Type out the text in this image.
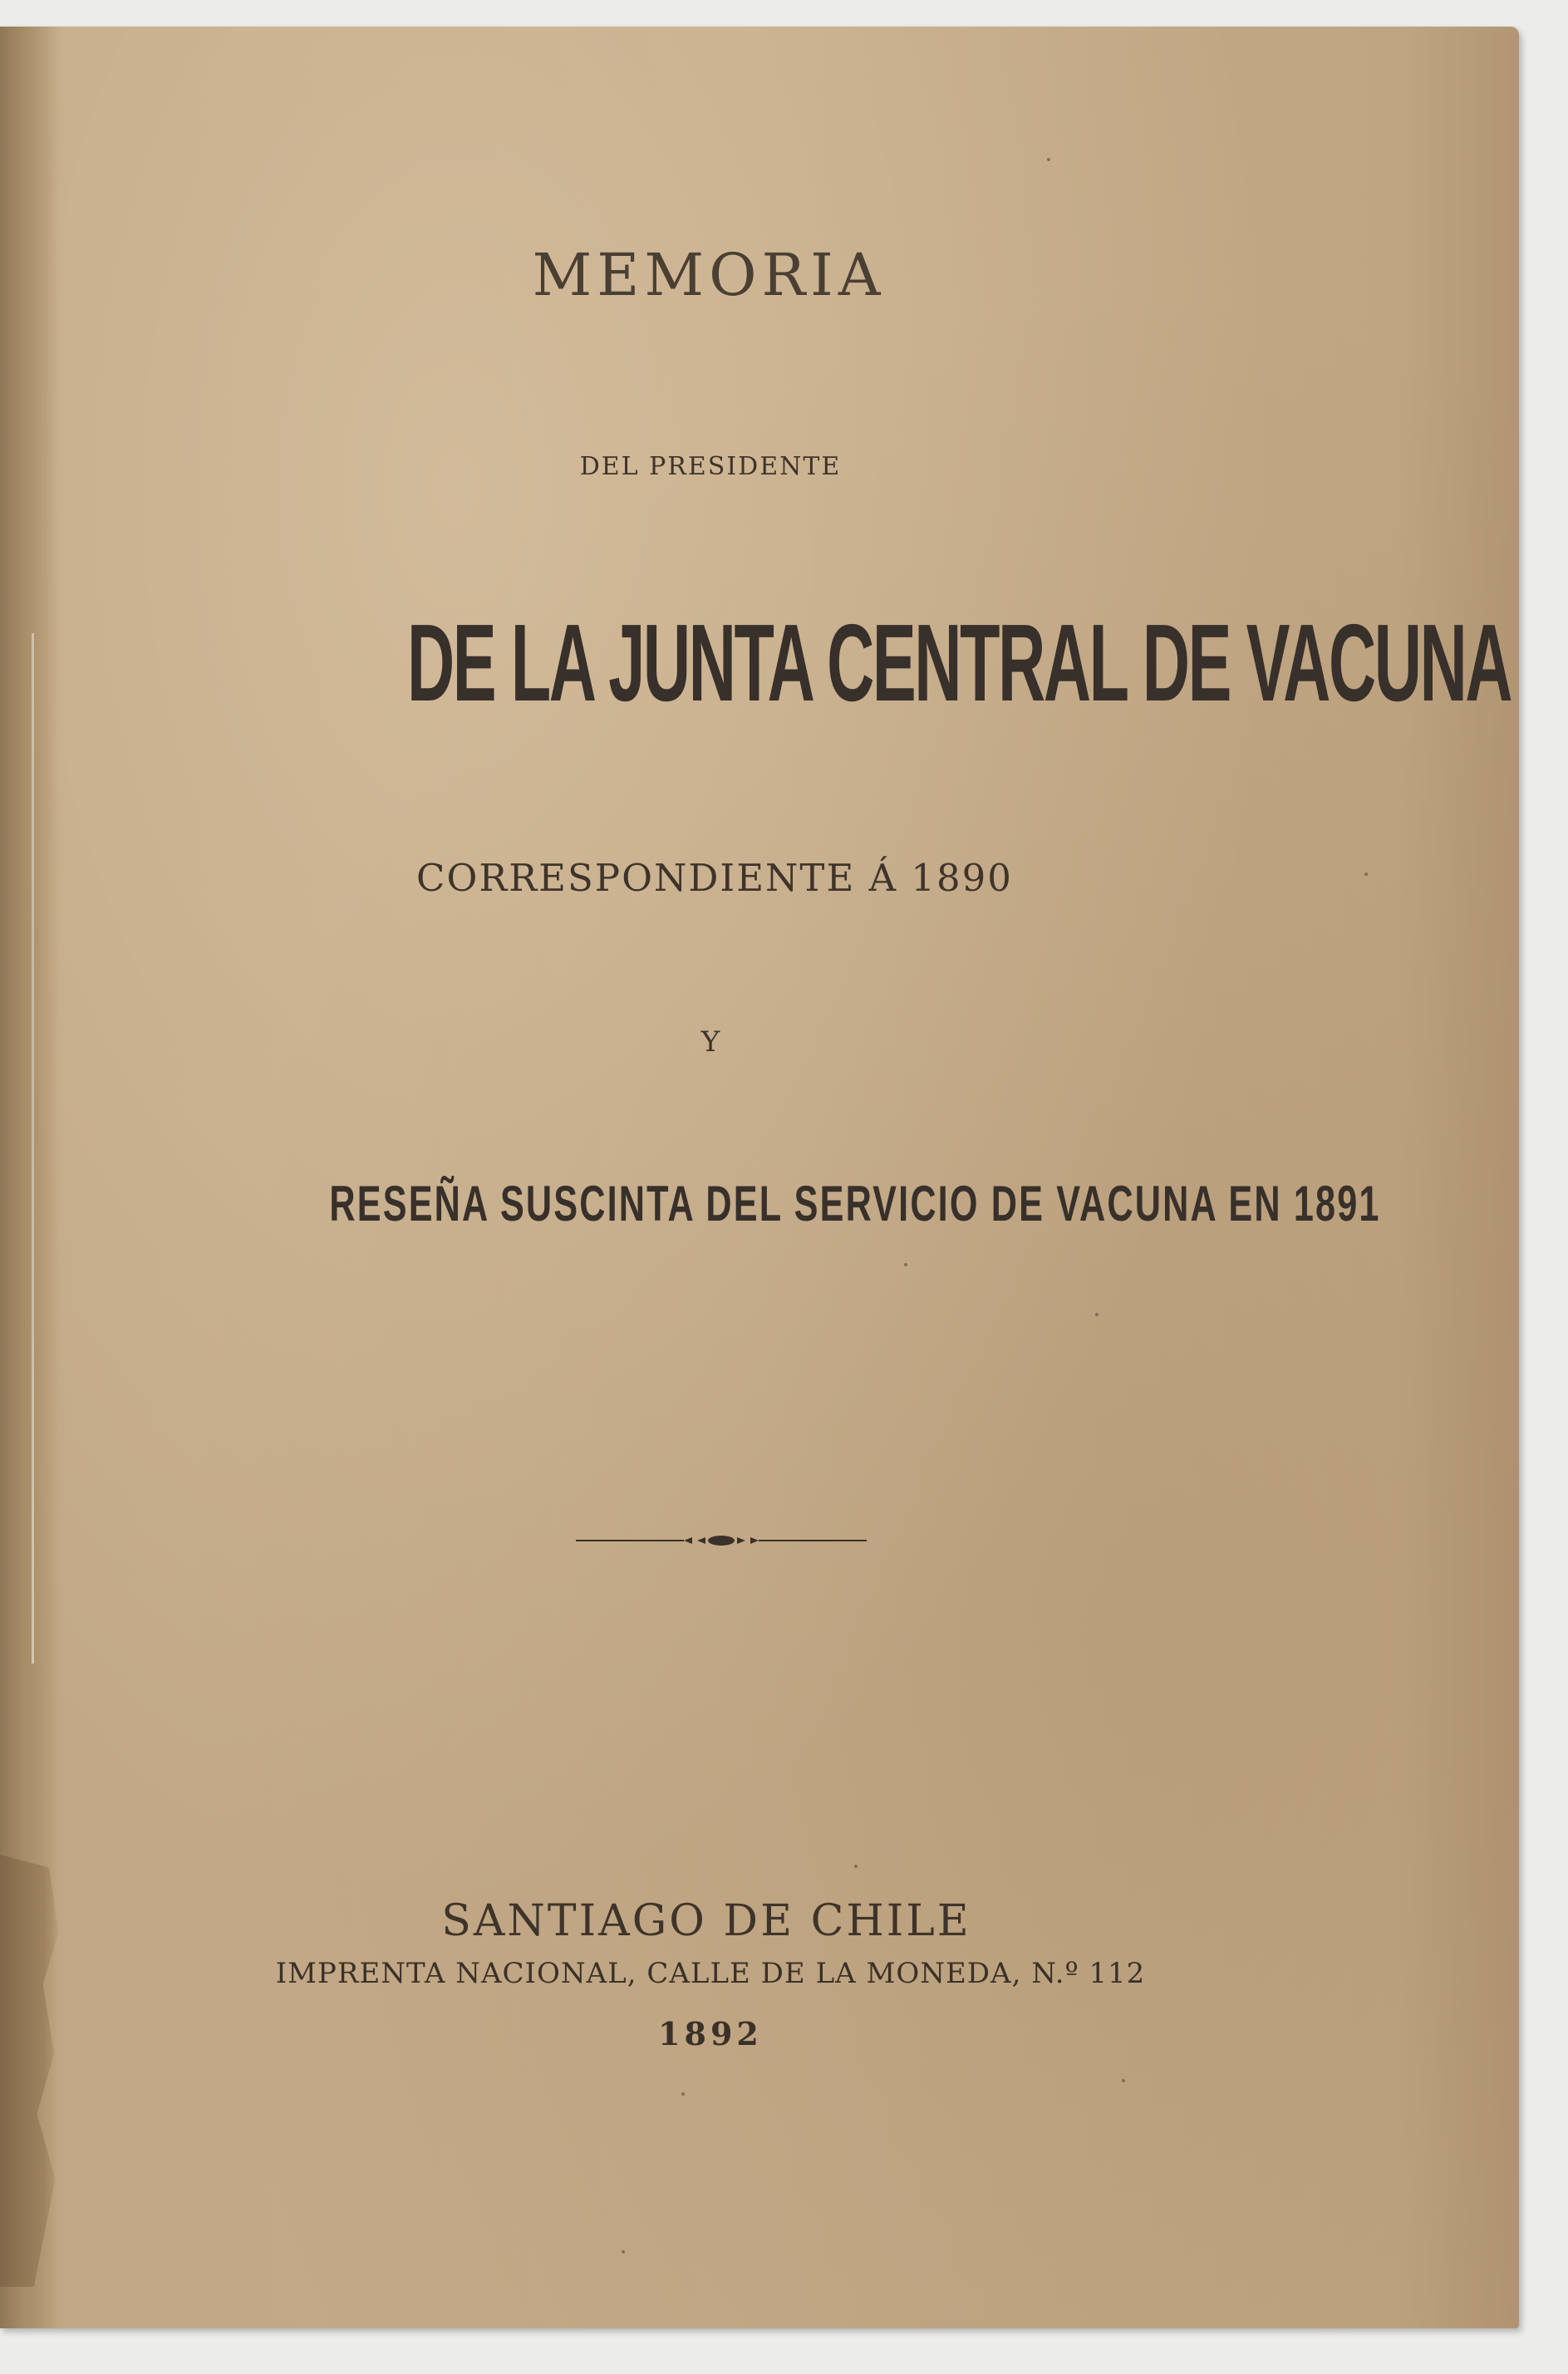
MEMORIA
DEL PRESIDENTE
DE LA JUNTA CENTRAL DE VACUNA
CORRESPONDIENTE Á 1890
Y
RESEÑA SUSCINTA DEL SERVICIO DE VACUNA EN 1891
SANTIAGO DE CHILE
IMPRENTA NACIONAL, CALLE DE LA MONEDA, N.º 112
1892
